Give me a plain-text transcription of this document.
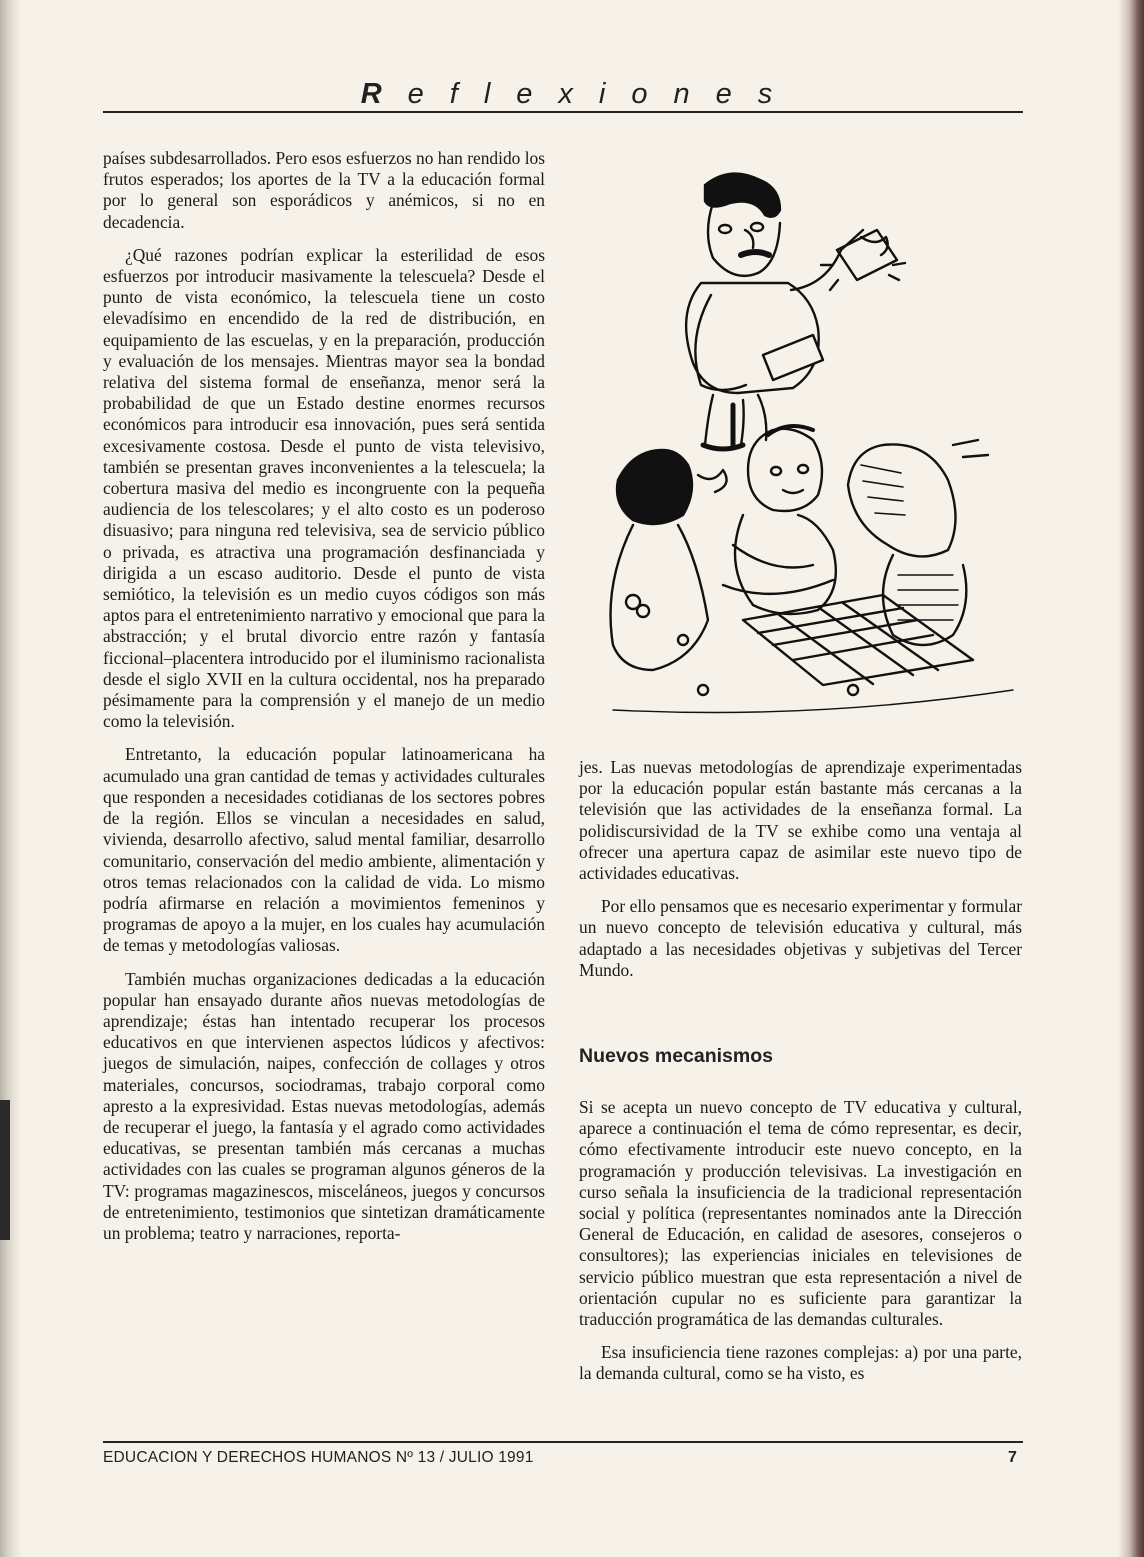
Reflexiones

países subdesarrollados. Pero esos esfuerzos no han rendido los frutos esperados; los aportes de la TV a la educación formal por lo general son esporádicos y anémicos, si no en decadencia.

¿Qué razones podrían explicar la esterilidad de esos esfuerzos por introducir masivamente la telescuela? Desde el punto de vista económico, la telescuela tiene un costo elevadísimo en encendido de la red de distribución, en equipamiento de las escuelas, y en la preparación, producción y evaluación de los mensajes. Mientras mayor sea la bondad relativa del sistema formal de enseñanza, menor será la probabilidad de que un Estado destine enormes recursos económicos para introducir esa innovación, pues será sentida excesivamente costosa. Desde el punto de vista televisivo, también se presentan graves inconvenientes a la telescuela; la cobertura masiva del medio es incongruente con la pequeña audiencia de los telescolares; y el alto costo es un poderoso disuasivo; para ninguna red televisiva, sea de servicio público o privada, es atractiva una programación desfinanciada y dirigida a un escaso auditorio. Desde el punto de vista semiótico, la televisión es un medio cuyos códigos son más aptos para el entretenimiento narrativo y emocional que para la abstracción; y el brutal divorcio entre razón y fantasía ficcional–placentera introducido por el iluminismo racionalista desde el siglo XVII en la cultura occidental, nos ha preparado pésimamente para la comprensión y el manejo de un medio como la televisión.

Entretanto, la educación popular latinoamericana ha acumulado una gran cantidad de temas y actividades culturales que responden a necesidades cotidianas de los sectores pobres de la región. Ellos se vinculan a necesidades en salud, vivienda, desarrollo afectivo, salud mental familiar, desarrollo comunitario, conservación del medio ambiente, alimentación y otros temas relacionados con la calidad de vida. Lo mismo podría afirmarse en relación a movimientos femeninos y programas de apoyo a la mujer, en los cuales hay acumulación de temas y metodologías valiosas.

También muchas organizaciones dedicadas a la educación popular han ensayado durante años nuevas metodologías de aprendizaje; éstas han intentado recuperar los procesos educativos en que intervienen aspectos lúdicos y afectivos: juegos de simulación, naipes, confección de collages y otros materiales, concursos, sociodramas, trabajo corporal como apresto a la expresividad. Estas nuevas metodologías, además de recuperar el juego, la fantasía y el agrado como actividades educativas, se presentan también más cercanas a muchas actividades con las cuales se programan algunos géneros de la TV: programas magazinescos, misceláneos, juegos y concursos de entretenimiento, testimonios que sintetizan dramáticamente un problema; teatro y narraciones, reporta-

jes. Las nuevas metodologías de aprendizaje experimentadas por la educación popular están bastante más cercanas a la televisión que las actividades de la enseñanza formal. La polidiscursividad de la TV se exhibe como una ventaja al ofrecer una apertura capaz de asimilar este nuevo tipo de actividades educativas.

Por ello pensamos que es necesario experimentar y formular un nuevo concepto de televisión educativa y cultural, más adaptado a las necesidades objetivas y subjetivas del Tercer Mundo.

Nuevos mecanismos

Si se acepta un nuevo concepto de TV educativa y cultural, aparece a continuación el tema de cómo representar, es decir, cómo efectivamente introducir este nuevo concepto, en la programación y producción televisivas. La investigación en curso señala la insuficiencia de la tradicional representación social y política (representantes nominados ante la Dirección General de Educación, en calidad de asesores, consejeros o consultores); las experiencias iniciales en televisiones de servicio público muestran que esta representación a nivel de orientación cupular no es suficiente para garantizar la traducción programática de las demandas culturales.

Esa insuficiencia tiene razones complejas: a) por una parte, la demanda cultural, como se ha visto, es

EDUCACION Y DERECHOS HUMANOS Nº 13 / JULIO 1991	7
